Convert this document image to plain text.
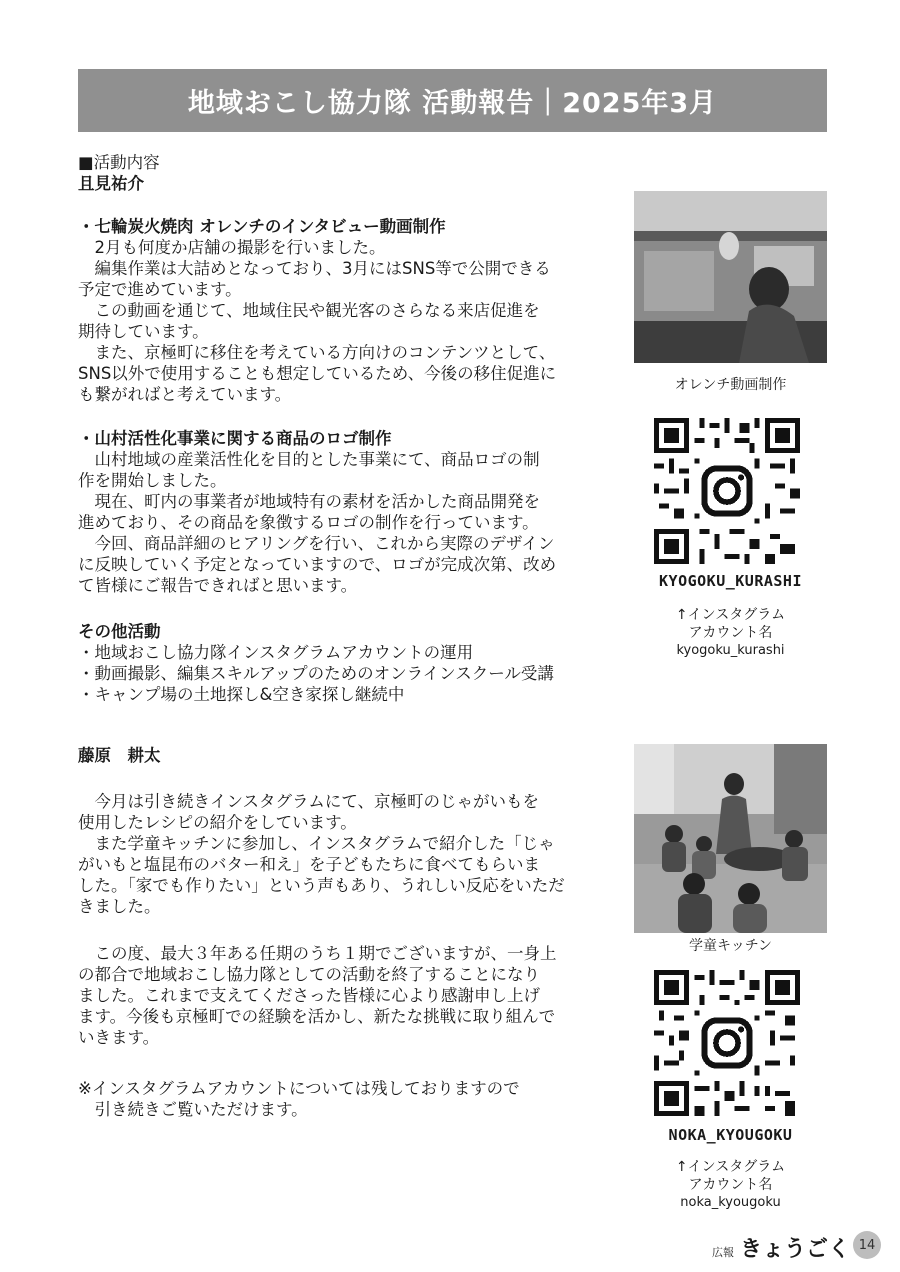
地域おこし協力隊 活動報告｜2025年3月
■活動内容
且見祐介
・七輪炭火焼肉 オレンチのインタビュー動画制作
　2月も何度か店舗の撮影を行いました。
　編集作業は大詰めとなっており、3月にはSNS等で公開できる
予定で進めています。
　この動画を通じて、地域住民や観光客のさらなる来店促進を
期待しています。
　また、京極町に移住を考えている方向けのコンテンツとして、
SNS以外で使用することも想定しているため、今後の移住促進に
も繋がればと考えています。
・山村活性化事業に関する商品のロゴ制作
　山村地域の産業活性化を目的とした事業にて、商品ロゴの制
作を開始しました。
　現在、町内の事業者が地域特有の素材を活かした商品開発を
進めており、その商品を象徴するロゴの制作を行っています。
　今回、商品詳細のヒアリングを行い、これから実際のデザイン
に反映していく予定となっていますので、ロゴが完成次第、改め
て皆様にご報告できればと思います。
その他活動
・地域おこし協力隊インスタグラムアカウントの運用
・動画撮影、編集スキルアップのためのオンラインスクール受講
・キャンプ場の土地探し&空き家探し継続中
オレンチ動画制作
KYOGOKU_KURASHI
↑インスタグラム
アカウント名
kyogoku_kurashi
藤原　耕太
　今月は引き続きインスタグラムにて、京極町のじゃがいもを
使用したレシピの紹介をしています。
　また学童キッチンに参加し、インスタグラムで紹介した「じゃ
がいもと塩昆布のバター和え」を子どもたちに食べてもらいま
した。「家でも作りたい」という声もあり、うれしい反応をいただ
きました。
　この度、最大３年ある任期のうち１期でございますが、一身上
の都合で地域おこし協力隊としての活動を終了することになり
ました。これまで支えてくださった皆様に心より感謝申し上げ
ます。今後も京極町での経験を活かし、新たな挑戦に取り組んで
いきます。
※インスタグラムアカウントについては残しておりますので
　引き続きご覧いただけます。
学童キッチン
NOKA_KYOUGOKU
↑インスタグラム
アカウント名
noka_kyougoku
広報 きょうごく 14
